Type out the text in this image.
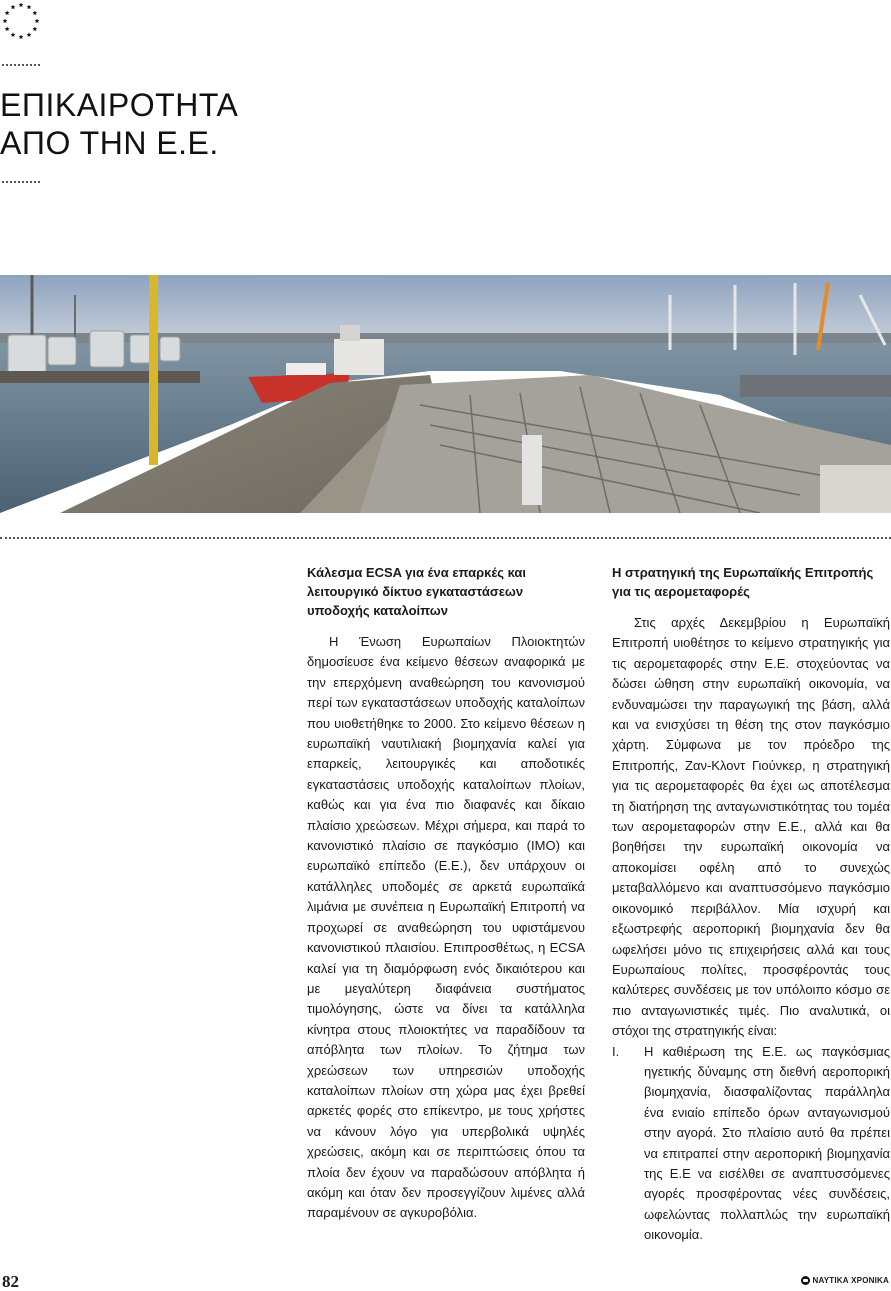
ΕΠΙΚΑΙΡΟΤΗΤΑ
ΑΠΟ ΤΗΝ Ε.Ε.
Κάλεσμα ECSA για ένα επαρκές και λειτουργικό δίκτυο εγκαταστάσεων υποδοχής καταλοίπων

Η Ένωση Ευρωπαίων Πλοιοκτητών δημοσίευσε ένα κείμενο θέσεων αναφορικά με την επερχόμενη αναθεώρηση του κανονισμού περί των εγκαταστάσεων υποδοχής καταλοίπων που υιοθετήθηκε το 2000. Στο κείμενο θέσεων η ευρωπαϊκή ναυτιλιακή βιομηχανία καλεί για επαρκείς, λειτουργικές και αποδοτικές εγκαταστάσεις υποδοχής καταλοίπων πλοίων, καθώς και για ένα πιο διαφανές και δίκαιο πλαίσιο χρεώσεων. Μέχρι σήμερα, και παρά το κανονιστικό πλαίσιο σε παγκόσμιο (IMO) και ευρωπαϊκό επίπεδο (Ε.Ε.), δεν υπάρχουν οι κατάλληλες υποδομές σε αρκετά ευρωπαϊκά λιμάνια με συνέπεια η Ευρωπαϊκή Επιτροπή να προχωρεί σε αναθεώρηση του υφιστάμενου κανονιστικού πλαισίου. Επιπροσθέτως, η ECSA καλεί για τη διαμόρφωση ενός δικαιότερου και με μεγαλύτερη διαφάνεια συστήματος τιμολόγησης, ώστε να δίνει τα κατάλληλα κίνητρα στους πλοιοκτήτες να παραδίδουν τα απόβλητα των πλοίων. Το ζήτημα των χρεώσεων των υπηρεσιών υποδοχής καταλοίπων πλοίων στη χώρα μας έχει βρεθεί αρκετές φορές στο επίκεντρο, με τους χρήστες να κάνουν λόγο για υπερβολικά υψηλές χρεώσεις, ακόμη και σε περιπτώσεις όπου τα πλοία δεν έχουν να παραδώσουν απόβλητα ή ακόμη και όταν δεν προσεγγίζουν λιμένες αλλά παραμένουν σε αγκυροβόλια.

Η στρατηγική της Ευρωπαϊκής Επιτροπής για τις αερομεταφορές

Στις αρχές Δεκεμβρίου η Ευρωπαϊκή Επιτροπή υιοθέτησε το κείμενο στρατηγικής για τις αερομεταφορές στην Ε.Ε. στοχεύοντας να δώσει ώθηση στην ευρωπαϊκή οικονομία, να ενδυναμώσει την παραγωγική της βάση, αλλά και να ενισχύσει τη θέση της στον παγκόσμιο χάρτη. Σύμφωνα με τον πρόεδρο της Επιτροπής, Ζαν-Κλοντ Γιούνκερ, η στρατηγική για τις αερομεταφορές θα έχει ως αποτέλεσμα τη διατήρηση της ανταγωνιστικότητας του τομέα των αερομεταφορών στην Ε.Ε., αλλά και θα βοηθήσει την ευρωπαϊκή οικονομία να αποκομίσει οφέλη από το συνεχώς μεταβαλλόμενο και αναπτυσσόμενο παγκόσμιο οικονομικό περιβάλλον. Μία ισχυρή και εξωστρεφής αεροπορική βιομηχανία δεν θα ωφελήσει μόνο τις επιχειρήσεις αλλά και τους Ευρωπαίους πολίτες, προσφέροντάς τους καλύτερες συνδέσεις με τον υπόλοιπο κόσμο σε πιο ανταγωνιστικές τιμές. Πιο αναλυτικά, οι στόχοι της στρατηγικής είναι:

I. Η καθιέρωση της Ε.Ε. ως παγκόσμιας ηγετικής δύναμης στη διεθνή αεροπορική βιομηχανία, διασφαλίζοντας παράλληλα ένα ενιαίο επίπεδο όρων ανταγωνισμού στην αγορά. Στο πλαίσιο αυτό θα πρέπει να επιτραπεί στην αεροπορική βιομηχανία της Ε.Ε να εισέλθει σε αναπτυσσόμενες αγορές προσφέροντας νέες συνδέσεις, ωφελώντας πολλαπλώς την ευρωπαϊκή οικονομία.
82	ΝΑΥΤΙΚΑ ΧΡΟΝΙΚΑ
